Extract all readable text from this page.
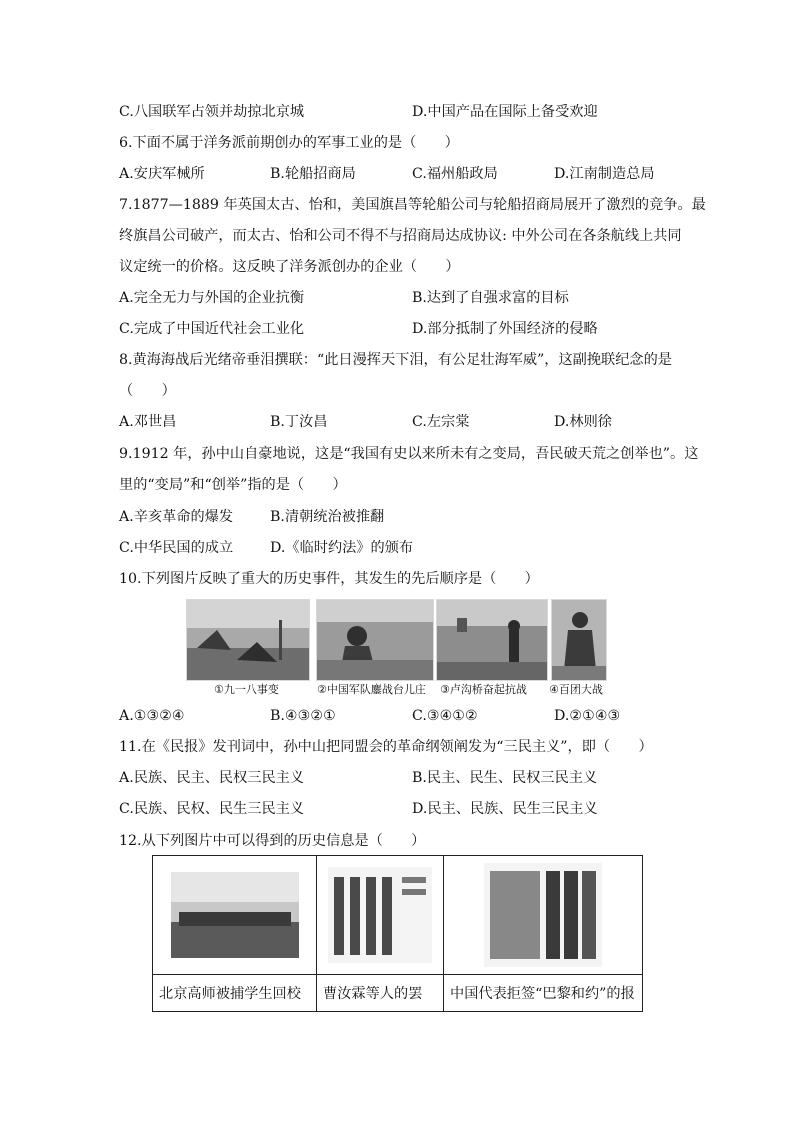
C.八国联军占领并劫掠北京城	D.中国产品在国际上备受欢迎
6.下面不属于洋务派前期创办的军事工业的是（　　）
A.安庆军械所	B.轮船招商局	C.福州船政局	D.江南制造总局
7.1877—1889 年英国太古、怡和，美国旗昌等轮船公司与轮船招商局展开了激烈的竞争。最
终旗昌公司破产，而太古、怡和公司不得不与招商局达成协议: 中外公司在各条航线上共同
议定统一的价格。这反映了洋务派创办的企业（　　）
A.完全无力与外国的企业抗衡	B.达到了自强求富的目标
C.完成了中国近代社会工业化	D.部分抵制了外国经济的侵略
8.黄海海战后光绪帝垂泪撰联：“此日漫挥天下泪，有公足壮海军威”，这副挽联纪念的是
（　　）
A.邓世昌	B.丁汝昌	C.左宗棠	D.林则徐
9.1912 年，孙中山自豪地说，这是“我国有史以来所未有之变局，吾民破天荒之创举也”。这
里的“变局”和“创举”指的是（　　）
A.辛亥革命的爆发	B.清朝统治被推翻
C.中华民国的成立	D.《临时约法》的颁布
10.下列图片反映了重大的历史事件，其发生的先后顺序是（　　）
①九一八事变	②中国军队鏖战台儿庄 ③卢沟桥奋起抗战 ④百团大战
A.①③②④	B.④③②①	C.③④①②	D.②①④③
11.在《民报》发刊词中，孙中山把同盟会的革命纲领阐发为“三民主义”，即（　　）
A.民族、民主、民权三民主义	B.民主、民生、民权三民主义
C.民族、民权、民生三民主义	D.民主、民族、民生三民主义
12.从下列图片中可以得到的历史信息是（　　）

北京高师被捕学生回校	曹汝霖等人的罢	中国代表拒签“巴黎和约”的报
